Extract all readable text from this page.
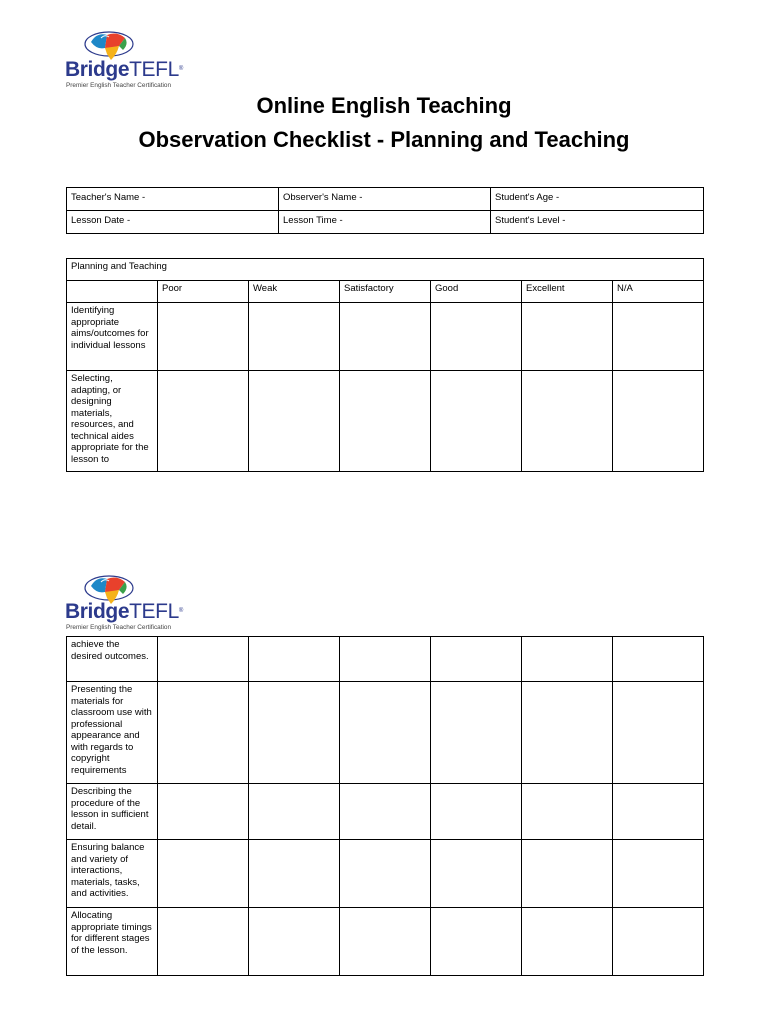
BridgeTEFL®
Premier English Teacher Certification
Online English Teaching
Observation Checklist - Planning and Teaching
Teacher's Name -	Observer's Name -	Student's Age -
Lesson Date -	Lesson Time -	Student's Level -
Planning and Teaching						
	Poor	Weak	Satisfactory	Good	Excellent	N/A
Identifying appropriate aims/outcomes for individual lessons						
Selecting, adapting, or designing materials, resources, and technical aides appropriate for the lesson to						
BridgeTEFL®
Premier English Teacher Certification
achieve the desired outcomes.						
Presenting the materials for classroom use with professional appearance and with regards to copyright requirements						
Describing the procedure of the lesson in sufficient detail.						
Ensuring balance and variety of interactions, materials, tasks, and activities.						
Allocating appropriate timings for different stages of the lesson.						
